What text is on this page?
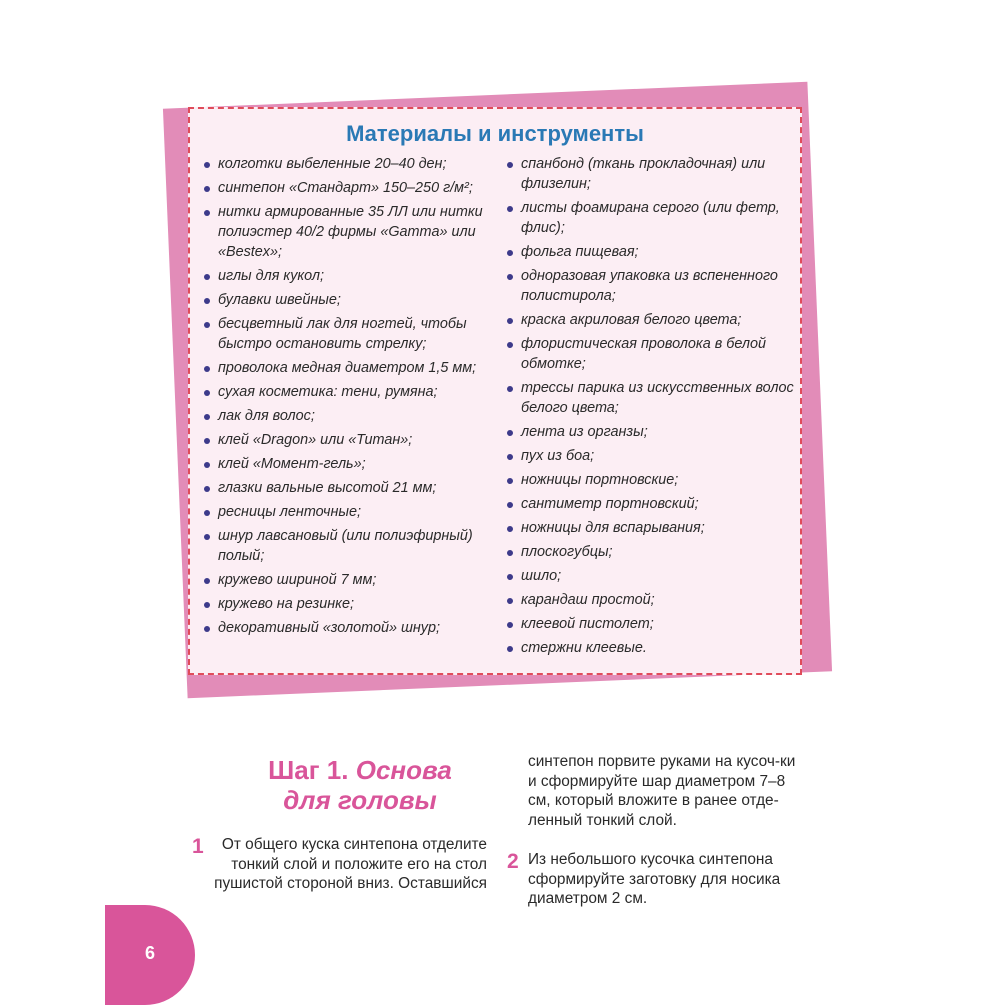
Материалы и инструменты
колготки выбеленные 20–40 ден;
синтепон «Стандарт» 150–250 г/м²;
нитки армированные 35 ЛЛ или нитки полиэстер 40/2 фирмы «Gamma» или «Bestex»;
иглы для кукол;
булавки швейные;
бесцветный лак для ногтей, чтобы быстро остановить стрелку;
проволока медная диаметром 1,5 мм;
сухая косметика: тени, румяна;
лак для волос;
клей «Dragon» или «Титан»;
клей «Момент-гель»;
глазки вальные высотой 21 мм;
ресницы ленточные;
шнур лавсановый (или полиэфирный) полый;
кружево шириной 7 мм;
кружево на резинке;
декоративный «золотой» шнур;
спанбонд (ткань прокладочная) или флизелин;
листы фоамирана серого (или фетр, флис);
фольга пищевая;
одноразовая упаковка из вспененного полистирола;
краска акриловая белого цвета;
флористическая проволока в белой обмотке;
трессы парика из искусственных волос белого цвета;
лента из органзы;
пух из боа;
ножницы портновские;
сантиметр портновский;
ножницы для вспарывания;
плоскогубцы;
шило;
карандаш простой;
клеевой пистолет;
стержни клеевые.
Шаг 1. Основа
для головы
1	От общего куска синтепона отделите тонкий слой и положите его на стол пушистой стороной вниз. Оставшийся

синтепон порвите руками на кусоч-ки и сформируйте шар диаметром 7–8 см, который вложите в ранее отде-ленный тонкий слой.

2 Из небольшого кусочка синтепона сформируйте заготовку для носика диаметром 2 см.

6
